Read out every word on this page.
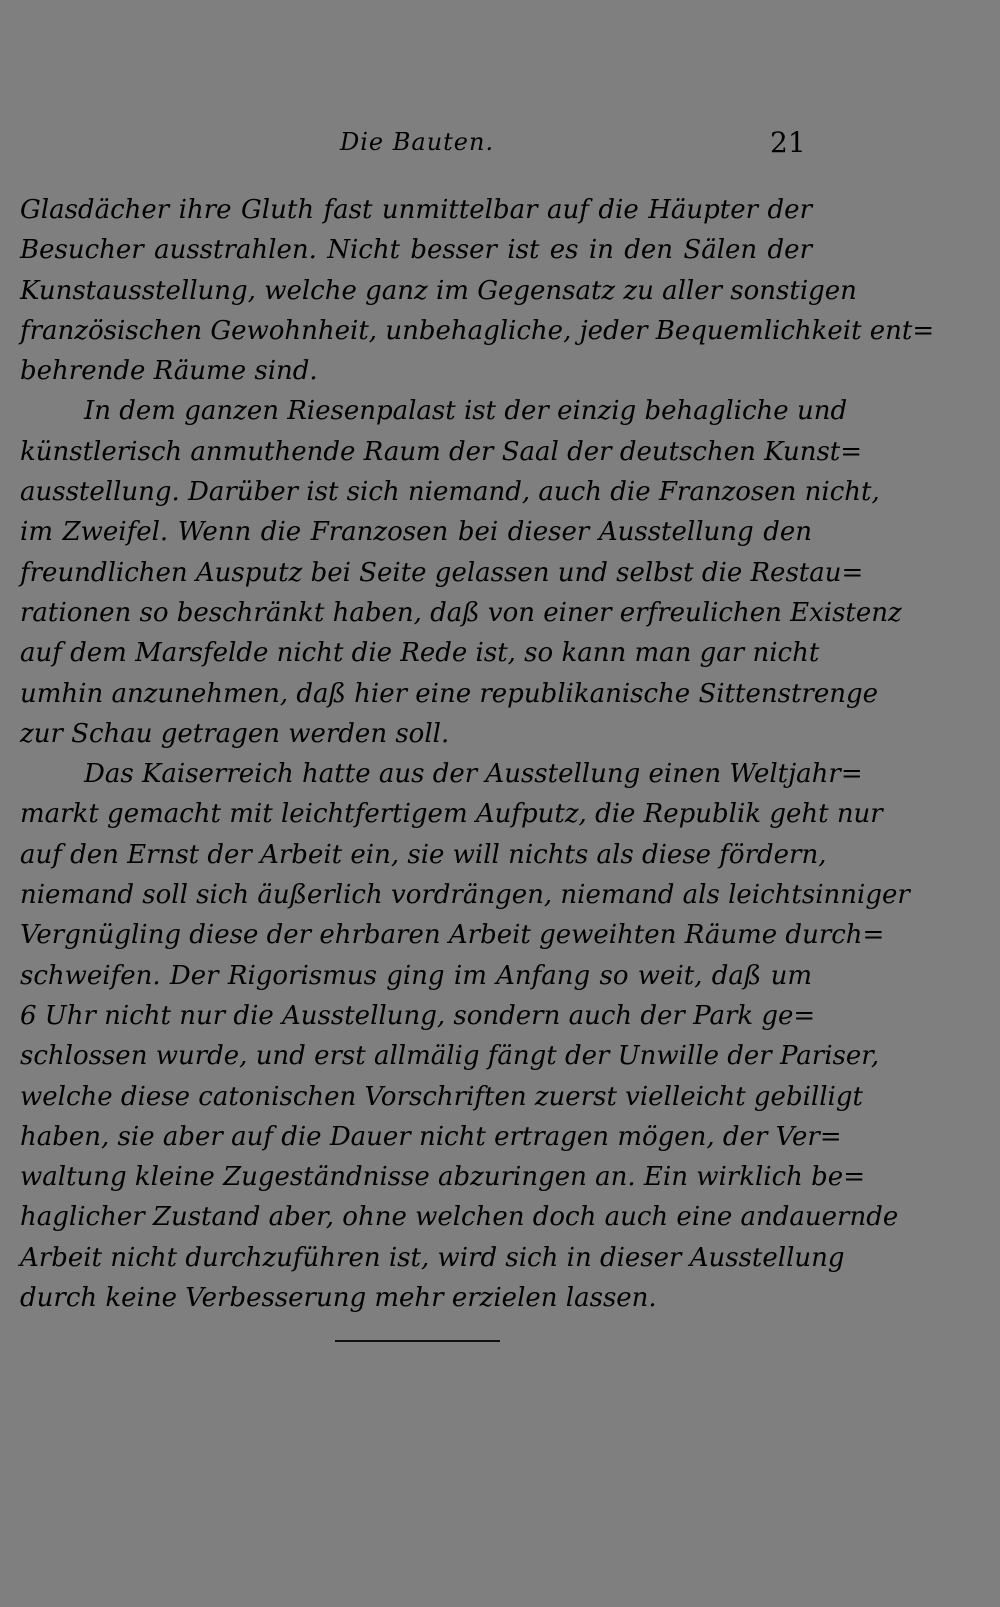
Die Bauten.	21
Glasdächer ihre Gluth fast unmittelbar auf die Häupter der
Besucher ausstrahlen. Nicht besser ist es in den Sälen der
Kunstausstellung, welche ganz im Gegensatz zu aller sonstigen
französischen Gewohnheit, unbehagliche, jeder Bequemlichkeit ent=
behrende Räume sind.
In dem ganzen Riesenpalast ist der einzig behagliche und
künstlerisch anmuthende Raum der Saal der deutschen Kunst=
ausstellung. Darüber ist sich niemand, auch die Franzosen nicht,
im Zweifel. Wenn die Franzosen bei dieser Ausstellung den
freundlichen Ausputz bei Seite gelassen und selbst die Restau=
rationen so beschränkt haben, daß von einer erfreulichen Existenz
auf dem Marsfelde nicht die Rede ist, so kann man gar nicht
umhin anzunehmen, daß hier eine republikanische Sittenstrenge
zur Schau getragen werden soll.
Das Kaiserreich hatte aus der Ausstellung einen Weltjahr=
markt gemacht mit leichtfertigem Aufputz, die Republik geht nur
auf den Ernst der Arbeit ein, sie will nichts als diese fördern,
niemand soll sich äußerlich vordrängen, niemand als leichtsinniger
Vergnügling diese der ehrbaren Arbeit geweihten Räume durch=
schweifen. Der Rigorismus ging im Anfang so weit, daß um
6 Uhr nicht nur die Ausstellung, sondern auch der Park ge=
schlossen wurde, und erst allmälig fängt der Unwille der Pariser,
welche diese catonischen Vorschriften zuerst vielleicht gebilligt
haben, sie aber auf die Dauer nicht ertragen mögen, der Ver=
waltung kleine Zugeständnisse abzuringen an. Ein wirklich be=
haglicher Zustand aber, ohne welchen doch auch eine andauernde
Arbeit nicht durchzuführen ist, wird sich in dieser Ausstellung
durch keine Verbesserung mehr erzielen lassen.
